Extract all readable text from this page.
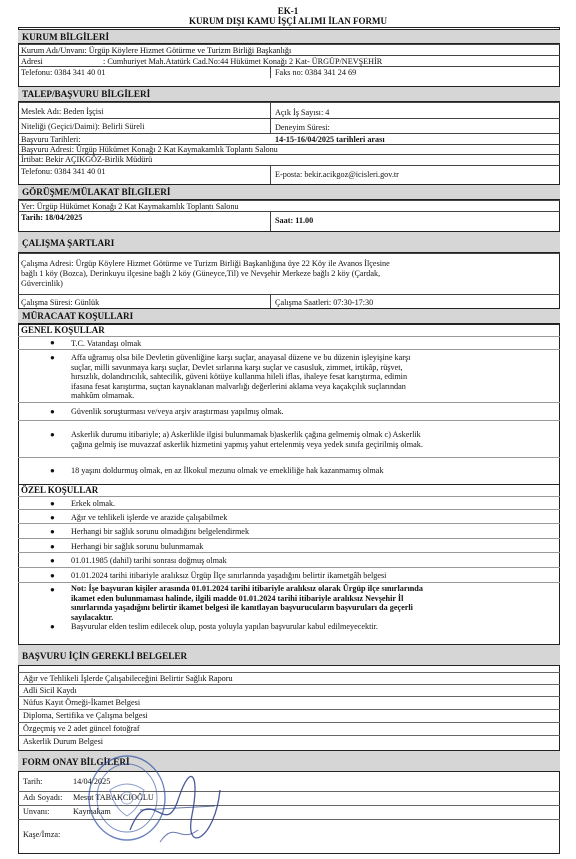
EK-1
KURUM DIŞI KAMU İŞÇİ ALIMI İLAN FORMU
KURUM BİLGİLERİ
Kurum Adı/Unvanı: Ürgüp Köylere Hizmet Götürme ve Turizm Birliği Başkanlığı
Adresi	: Cumhuriyet Mah.Atatürk Cad.No:44 Hükümet Konağı 2 Kat- ÜRGÜP/NEVŞEHİR
Telefonu: 0384 341 40 01	Faks no: 0384 341 24 69
TALEP/BAŞVURU BİLGİLERİ
Meslek Adı: Beden İşçisi	Açık İş Sayısı: 4
Niteliği (Geçici/Daimi): Belirli Süreli	Deneyim Süresi:
Başvuru Tarihleri:	14-15-16/04/2025 tarihleri arası
Başvuru Adresi: Ürgüp Hükümet Konağı 2 Kat Kaymakamlık Toplantı Salonu
İrtibat: Bekir AÇIKGÖZ-Birlik Müdürü
Telefonu: 0384 341 40 01	E-posta: bekir.acikgoz@icisleri.gov.tr
GÖRÜŞME/MÜLAKAT BİLGİLERİ
Yer: Ürgüp Hükümet Konağı 2 Kat Kaymakamlık Toplantı Salonu
Tarih: 18/04/2025	Saat: 11.00
ÇALIŞMA ŞARTLARI
Çalışma Adresi: Ürgüp Köylere Hizmet Götürme ve Turizm Birliği Başkanlığına üye 22 Köy ile Avanos İlçesine
bağlı 1 köy (Bozca), Derinkuyu ilçesine bağlı 2 köy (Güneyce,Til) ve Nevşehir Merkeze bağlı 2 köy (Çardak,
Güvercinlik)
Çalışma Süresi: Günlük	Çalışma Saatleri: 07:30-17:30
MÜRACAAT KOŞULLARI
GENEL KOŞULLAR
● T.C. Vatandaşı olmak
● Affa uğramış olsa bile Devletin güvenliğine karşı suçlar, anayasal düzene ve bu düzenin işleyişine karşı
suçlar, milli savunmaya karşı suçlar, Devlet sırlarına karşı suçlar ve casusluk, zimmet, irtikâp, rüşvet,
hırsızlık, dolandırıcılık, sahtecilik, güveni kötüye kullanma hileli iflas, ihaleye fesat karıştırma, edimin
ifasına fesat karıştırma, suçtan kaynaklanan malvarlığı değerlerini aklama veya kaçakçılık suçlarından
mahkûm olmamak.
● Güvenlik soruşturması ve/veya arşiv araştırması yapılmış olmak.
● Askerlik durumu itibariyle; a) Askerlikle ilgisi bulunmamak b)askerlik çağına gelmemiş olmak c) Askerlik
çağına gelmiş ise muvazzaf askerlik hizmetini yapmış yahut ertelenmiş veya yedek sınıfa geçirilmiş olmak.
● 18 yaşını doldurmuş olmak, en az İlkokul mezunu olmak ve emekliliğe hak kazanmamış olmak
ÖZEL KOŞULLAR
● Erkek olmak.
● Ağır ve tehlikeli işlerde ve arazide çalışabilmek
● Herhangi bir sağlık sorunu olmadığını belgelendirmek
● Herhangi bir sağlık sorunu bulunmamak
● 01.01.1985 (dahil) tarihi sonrası doğmuş olmak
● 01.01.2024 tarihi itibariyle aralıksız Ürgüp İlçe sınırlarında yaşadığını belirtir ikametgâh belgesi
● Not: İşe başvuran kişiler arasında 01.01.2024 tarihi itibariyle aralıksız olarak Ürgüp ilçe sınırlarında
ikamet eden bulunmaması halinde, ilgili madde 01.01.2024 tarihi itibariyle aralıksız Nevşehir İl
sınırlarında yaşadığını belirtir ikamet belgesi ile kanıtlayan başvurucuların başvuruları da geçerli
sayılacaktır.
● Başvurular elden teslim edilecek olup, posta yoluyla yapılan başvurular kabul edilmeyecektir.
BAŞVURU İÇİN GEREKLİ BELGELER
Ağır ve Tehlikeli İşlerde Çalışabileceğini Belirtir Sağlık Raporu
Adli Sicil Kaydı
Nüfus Kayıt Örneği-İkamet Belgesi
Diploma, Sertifika ve Çalışma belgesi
Özgeçmiş ve 2 adet güncel fotoğraf
Askerlik Durum Belgesi
FORM ONAY BİLGİLERİ
Tarih:	14/04/2025
Adı Soyadı: Mesut TABAKCIOĞLU
Unvanı:	Kaymakam
Kaşe/İmza:
